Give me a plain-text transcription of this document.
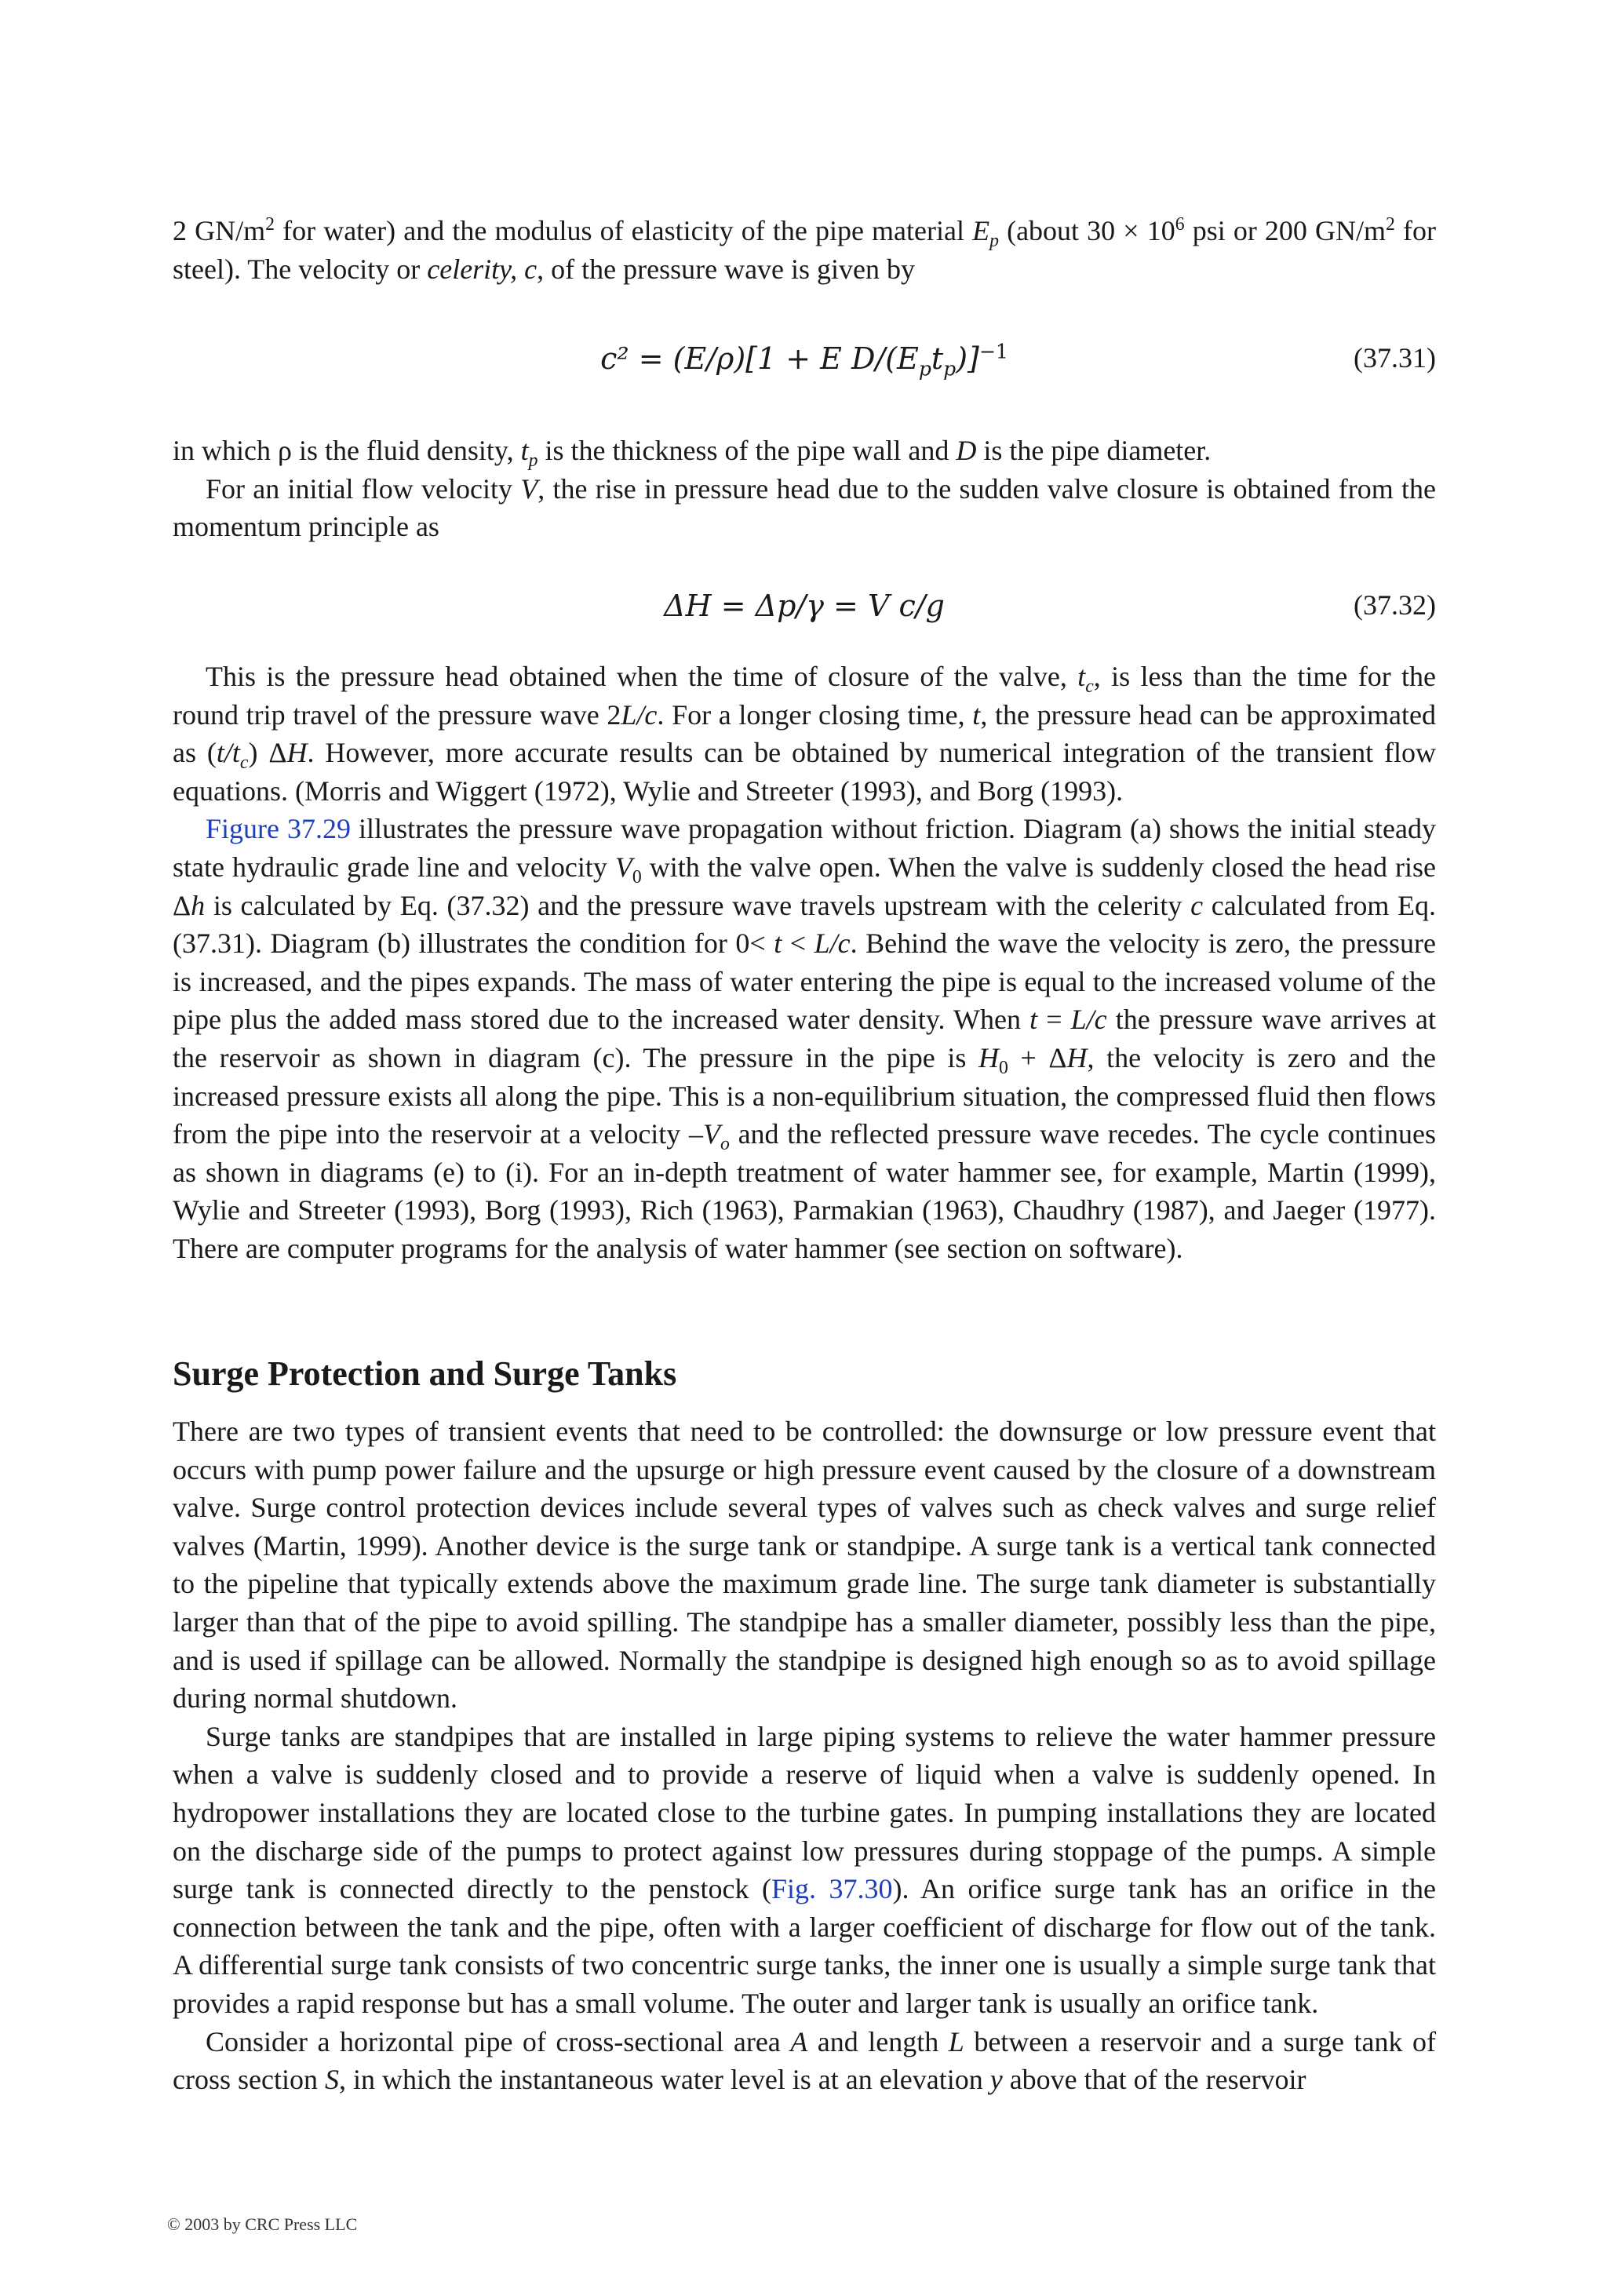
2 $GN/m^2$ for water) and the modulus of elasticity of the pipe material $E_p$ (about $30 \times 10^6$ psi or 200 $GN/m^2$ for steel). The velocity or celerity, c, of the pressure wave is given by

c² = (E/ρ)[1 + E $D/(E_pt_p)]^{-1}$	(37.31)

in which ρ is the fluid density, $t_p$ is the thickness of the pipe wall and D is the pipe diameter.

For an initial flow velocity V, the rise in pressure head due to the sudden valve closure is obtained from the momentum principle as

ΔH = Δp/γ = V c/g	(37.32)

This is the pressure head obtained when the time of closure of the valve, $t_c$, is less than the time for the round trip travel of the pressure wave 2L/c. For a longer closing time, t, the pressure head can be approximated as $(t/t_c)$ ΔH. However, more accurate results can be obtained by numerical integration of the transient flow equations. (Morris and Wiggert (1972), Wylie and Streeter (1993), and Borg (1993).

Figure 37.29 illustrates the pressure wave propagation without friction. Diagram (a) shows the initial steady state hydraulic grade line and velocity $V_0$ with the valve open. When the valve is suddenly closed the head rise Δh is calculated by Eq. (37.32) and the pressure wave travels upstream with the celerity c calculated from Eq. (37.31). Diagram (b) illustrates the condition for 0< t < L/c. Behind the wave the velocity is zero, the pressure is increased, and the pipes expands. The mass of water entering the pipe is equal to the increased volume of the pipe plus the added mass stored due to the increased water density. When t = L/c the pressure wave arrives at the reservoir as shown in diagram (c). The pressure in the pipe is $H_0 + \Delta H$, the velocity is zero and the increased pressure exists all along the pipe. This is a non-equilibrium situation, the compressed fluid then flows from the pipe into the reservoir at a velocity $-V_o$ and the reflected pressure wave recedes. The cycle continues as shown in diagrams (e) to (i). For an in-depth treatment of water hammer see, for example, Martin (1999), Wylie and Streeter (1993), Borg (1993), Rich (1963), Parmakian (1963), Chaudhry (1987), and Jaeger (1977). There are computer programs for the analysis of water hammer (see section on software).

Surge Protection and Surge Tanks

There are two types of transient events that need to be controlled: the downsurge or low pressure event that occurs with pump power failure and the upsurge or high pressure event caused by the closure of a downstream valve. Surge control protection devices include several types of valves such as check valves and surge relief valves (Martin, 1999). Another device is the surge tank or standpipe. A surge tank is a vertical tank connected to the pipeline that typically extends above the maximum grade line. The surge tank diameter is substantially larger than that of the pipe to avoid spilling. The standpipe has a smaller diameter, possibly less than the pipe, and is used if spillage can be allowed. Normally the standpipe is designed high enough so as to avoid spillage during normal shutdown.

Surge tanks are standpipes that are installed in large piping systems to relieve the water hammer pressure when a valve is suddenly closed and to provide a reserve of liquid when a valve is suddenly opened. In hydropower installations they are located close to the turbine gates. In pumping installations they are located on the discharge side of the pumps to protect against low pressures during stoppage of the pumps. A simple surge tank is connected directly to the penstock (Fig. 37.30). An orifice surge tank has an orifice in the connection between the tank and the pipe, often with a larger coefficient of discharge for flow out of the tank. A differential surge tank consists of two concentric surge tanks, the inner one is usually a simple surge tank that provides a rapid response but has a small volume. The outer and larger tank is usually an orifice tank.

Consider a horizontal pipe of cross-sectional area A and length L between a reservoir and a surge tank of cross section S, in which the instantaneous water level is at an elevation y above that of the reservoir

© 2003 by CRC Press LLC
